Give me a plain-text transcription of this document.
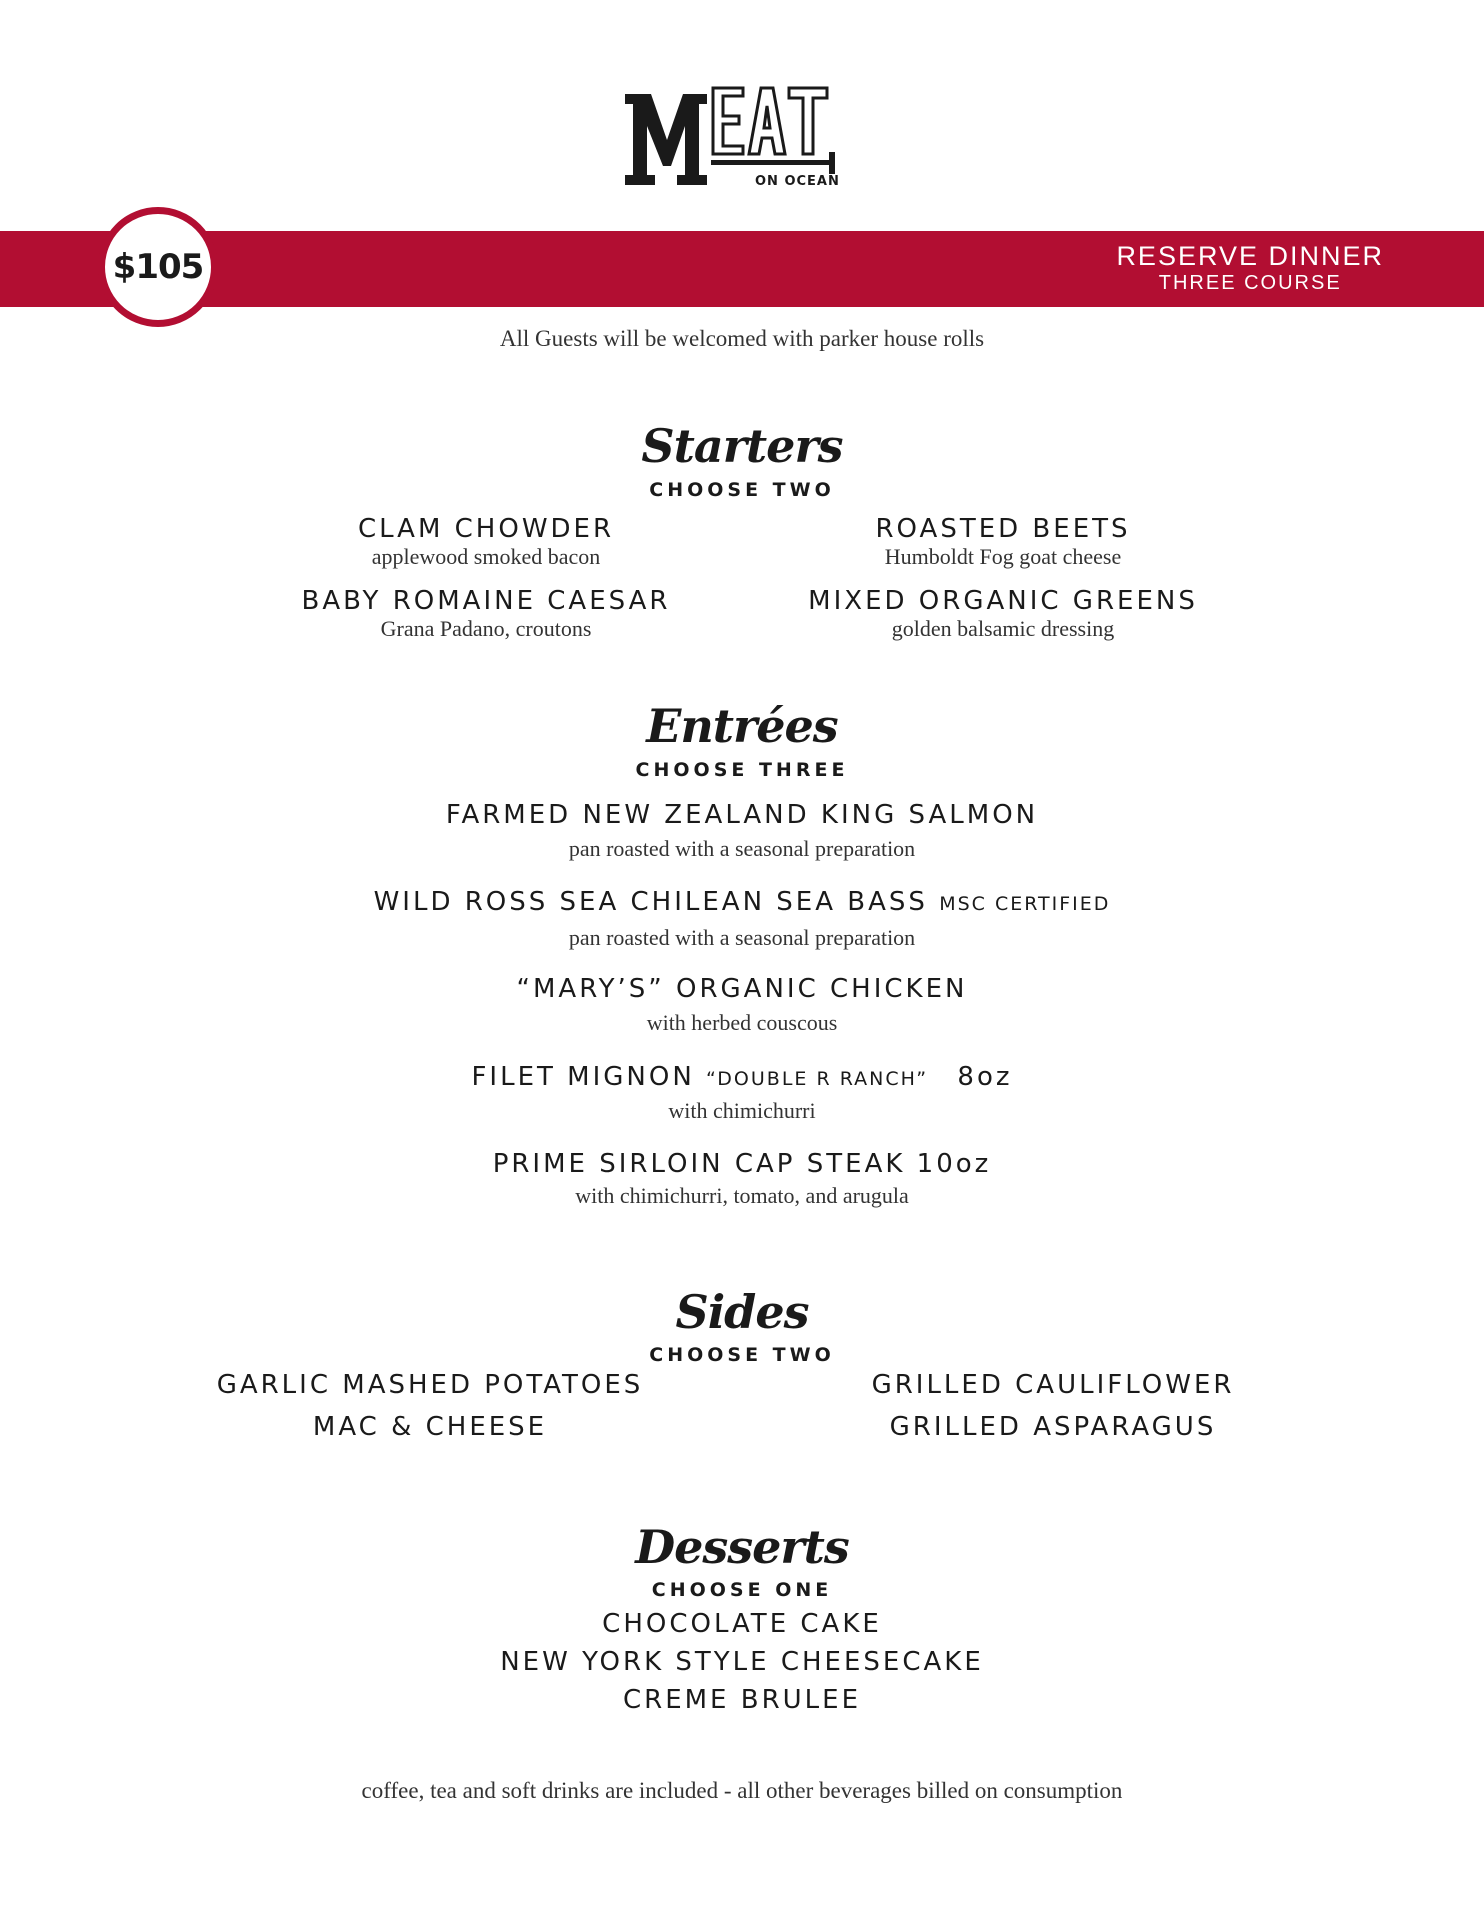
ON OCEAN
$105	RESERVE DINNER
THREE COURSE
All Guests will be welcomed with parker house rolls
Starters
CHOOSE TWO
CLAM CHOWDER
applewood smoked bacon
ROASTED BEETS
Humboldt Fog goat cheese
BABY ROMAINE CAESAR
Grana Padano, croutons
MIXED ORGANIC GREENS
golden balsamic dressing
Entrées
CHOOSE THREE
FARMED NEW ZEALAND KING SALMON
pan roasted with a seasonal preparation
WILD ROSS SEA CHILEAN SEA BASS MSC CERTIFIED
pan roasted with a seasonal preparation
“MARY’S” ORGANIC CHICKEN
with herbed couscous
FILET MIGNON “DOUBLE R RANCH” 8oz
with chimichurri
PRIME SIRLOIN CAP STEAK 10oz
with chimichurri, tomato, and arugula
Sides
CHOOSE TWO
GARLIC MASHED POTATOES	GRILLED CAULIFLOWER
MAC & CHEESE	GRILLED ASPARAGUS
Desserts
CHOOSE ONE
CHOCOLATE CAKE
NEW YORK STYLE CHEESECAKE
CREME BRULEE
coffee, tea and soft drinks are included - all other beverages billed on consumption
